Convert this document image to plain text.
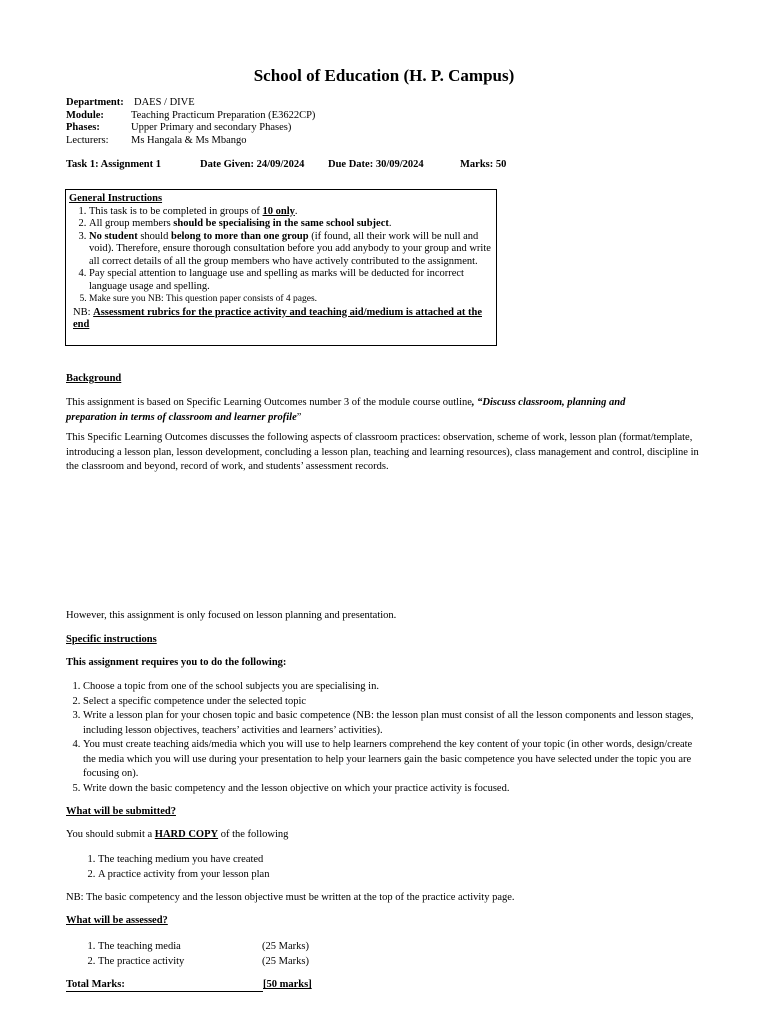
School of Education (H. P. Campus)
Department: DAES / DIVE
Module:	Teaching Practicum Preparation (E3622CP)
Phases:	Upper Primary and secondary Phases)
Lecturers: Ms Hangala & Ms Mbango
Task 1: Assignment 1	Date Given: 24/09/2024 Due Date: 30/09/2024	Marks: 50
General Instructions
1. This task is to be completed in groups of 10 only.
2. All group members should be specialising in the same school subject.
3. No student should belong to more than one group (if found, all their work will be null and void). Therefore, ensure thorough consultation before you add anybody to your group and write all correct details of all the group members who have actively contributed to the assignment.
4. Pay special attention to language use and spelling as marks will be deducted for incorrect language usage and spelling.
5. Make sure you NB: This question paper consists of 4 pages.
NB: Assessment rubrics for the practice activity and teaching aid/medium is attached at the end
Background
This assignment is based on Specific Learning Outcomes number 3 of the module course outline, “Discuss classroom, planning and preparation in terms of classroom and learner profile”
This Specific Learning Outcomes discusses the following aspects of classroom practices: observation, scheme of work, lesson plan (format/template, introducing a lesson plan, lesson development, concluding a lesson plan, teaching and learning resources), class management and control, discipline in the classroom and beyond, record of work, and students’ assessment records.
However, this assignment is only focused on lesson planning and presentation.
Specific instructions
This assignment requires you to do the following:
1. Choose a topic from one of the school subjects you are specialising in.
2. Select a specific competence under the selected topic
3. Write a lesson plan for your chosen topic and basic competence (NB: the lesson plan must consist of all the lesson components and lesson stages, including lesson objectives, teachers’ activities and learners’ activities).
4. You must create teaching aids/media which you will use to help learners comprehend the key content of your topic (in other words, design/create the media which you will use during your presentation to help your learners gain the basic competence you have selected under the topic you are focusing on).
5. Write down the basic competency and the lesson objective on which your practice activity is focused.
What will be submitted?
You should submit a HARD COPY of the following
1. The teaching medium you have created
2. A practice activity from your lesson plan
NB: The basic competency and the lesson objective must be written at the top of the practice activity page.
What will be assessed?
1. The teaching media	(25 Marks)
2. The practice activity	(25 Marks)
Total Marks:	[50 marks]
